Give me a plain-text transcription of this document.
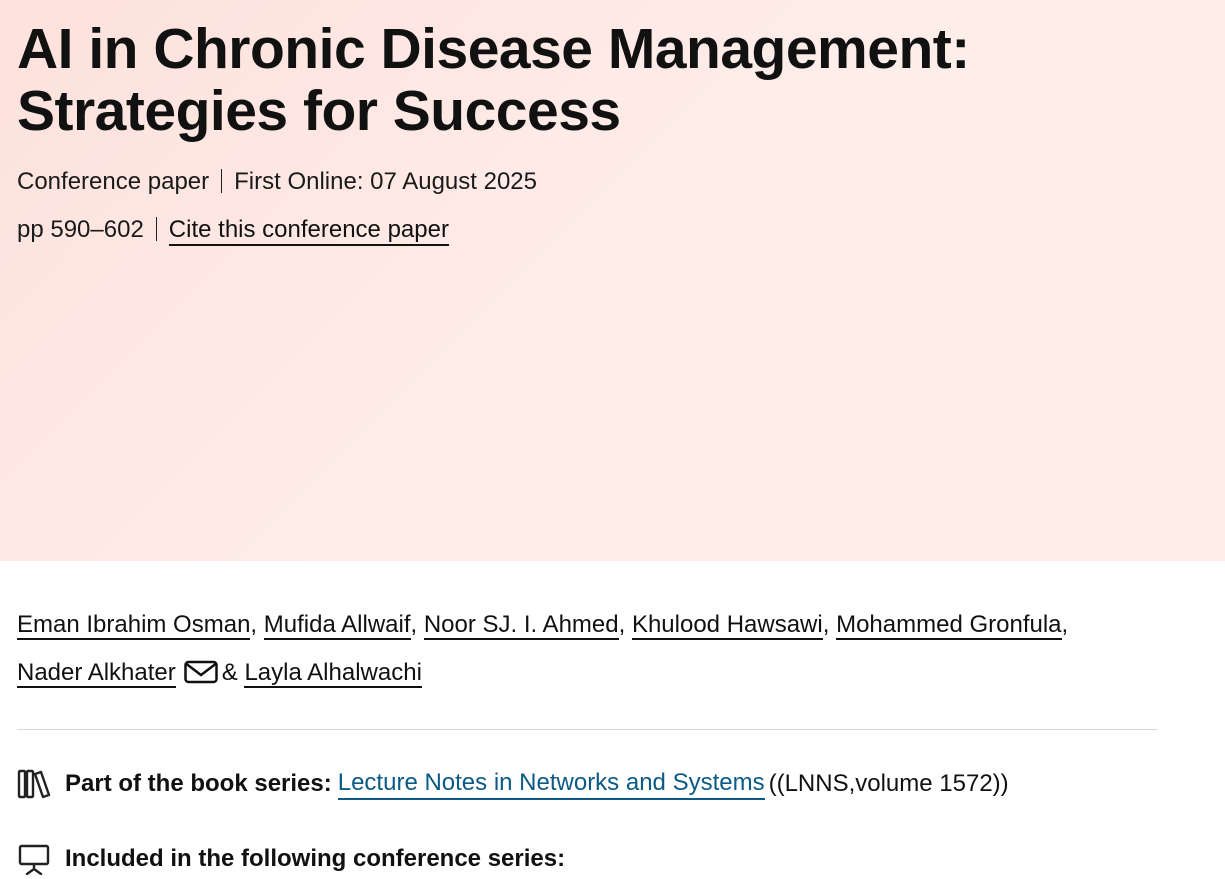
AI in Chronic Disease Management:
Strategies for Success
Conference paper First Online: 07 August 2025
pp 590–602 Cite this conference paper
Eman Ibrahim Osman, Mufida Allwaif, Noor SJ. I. Ahmed, Khulood Hawsawi, Mohammed Gronfula,
Nader Alkhater & Layla Alhalwachi
Part of the book series: Lecture Notes in Networks and Systems ((LNNS,volume 1572))
Included in the following conference series:
